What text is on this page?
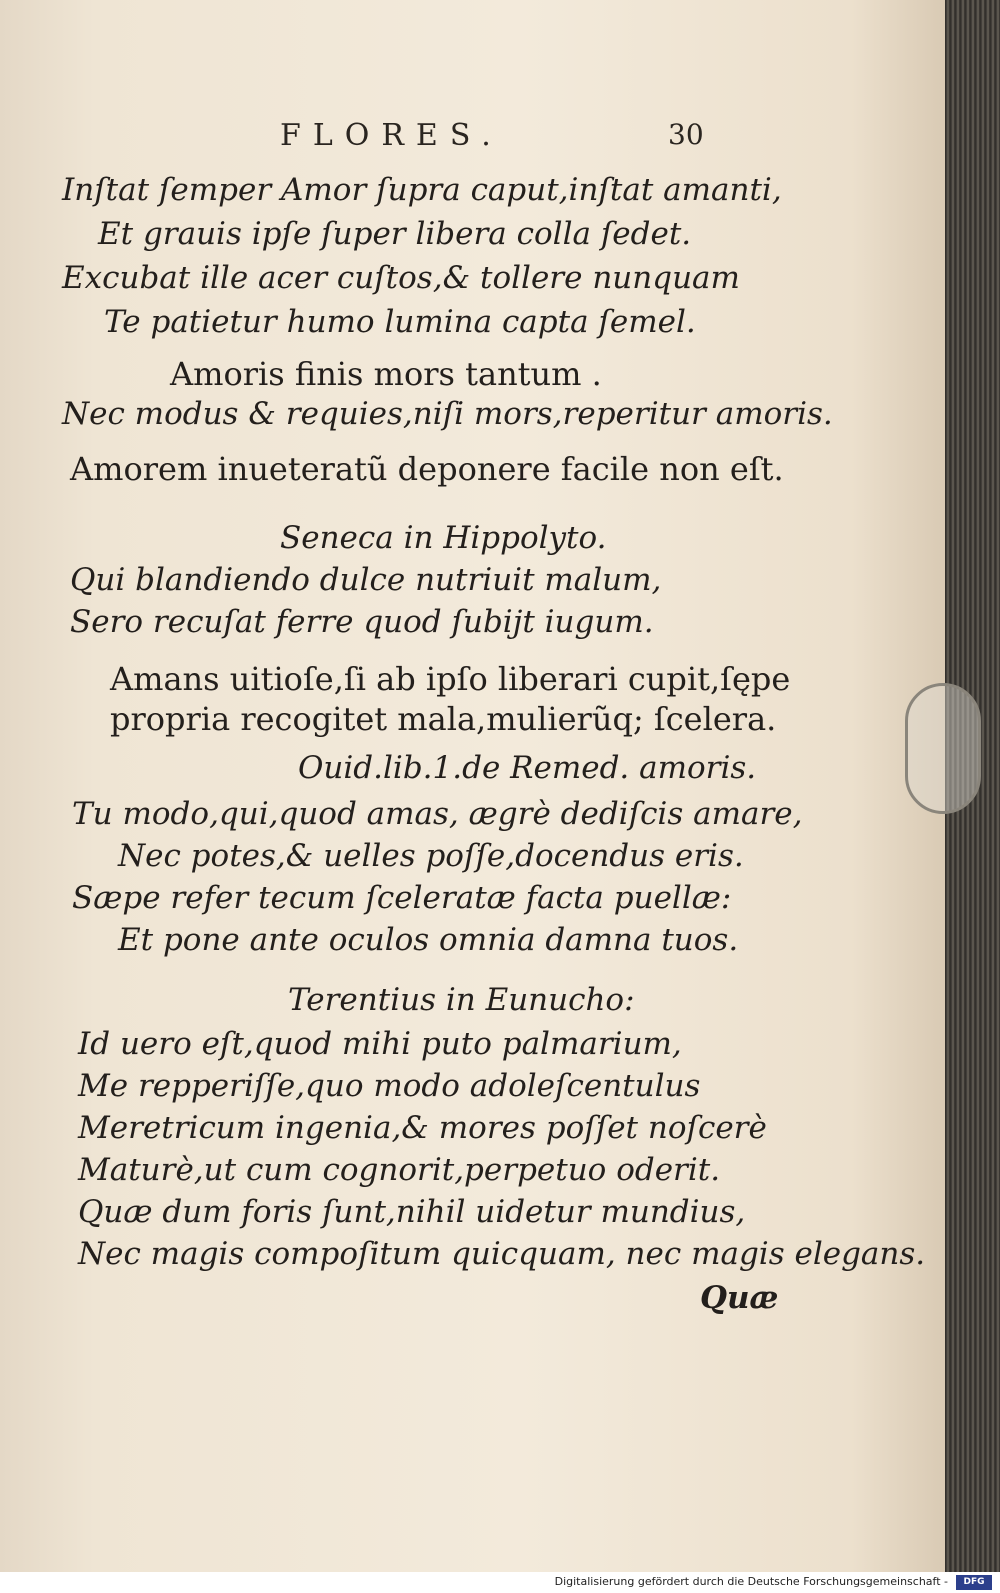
FLORES.	30
Inſtat ſemper Amor ſupra caput,inſtat amanti,
Et grauis ipſe ſuper libera colla ſedet.
Excubat ille acer cuſtos,& tollere nunquam
Te patietur humo lumina capta ſemel.
Amoris finis mors tantum .
Nec modus & requies,niſi mors,reperitur amoris.
Amorem inueteratũ deponere facile non eſt.
Seneca in Hippolyto.
Qui blandiendo dulce nutriuit malum,
Sero recuſat ferre quod ſubijt iugum.
Amans uitioſe,ſi ab ipſo liberari cupit,ſępe
propria recogitet mala,mulierũq; ſcelera.
Ouid.lib.1.de Remed. amoris.
Tu modo,qui,quod amas, ægrè dediſcis amare,
Nec potes,& uelles poſſe,docendus eris.
Sæpe refer tecum ſceleratæ facta puellæ:
Et pone ante oculos omnia damna tuos.
Terentius in Eunucho:
Id uero eſt,quod mihi puto palmarium,
Me repperiſſe,quo modo adoleſcentulus
Meretricum ingenia,& mores poſſet noſcerè
Maturè,ut cum cognorit,perpetuo oderit.
Quæ dum foris ſunt,nihil uidetur mundius,
Nec magis compoſitum quicquam, nec magis elegans.
Quæ
Digitalisierung gefördert durch die Deutsche Forschungsgemeinschaft -	DFG
